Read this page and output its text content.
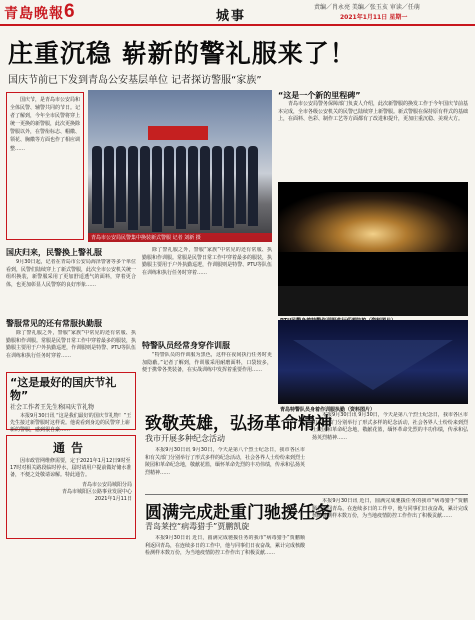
青島晚報 6	城事
责编／肖永亮 美编／张玉亥 审读／任萌
2021年1月11日 星期一
庄重沉稳 崭新的警礼服来了！
国庆节前已下发到青岛公安基层单位 记者探访警服“家族”
国庆节，是青岛市公安局和全体民警、辅警共同的节日。记者了解到，今年全市民警将穿上统一更换的新警服，此次更换除警服以外，在警衔标志、帽徽、领花、胸徽等方面也作了相应调整……
青岛市公安局民警集中换装新式警服 记者 刘新 摄
“这是一个新的里程碑”
青岛市公安局警务保障部门负责人介绍，此次新警服的换发工作于今年国庆节前基本完成，全市各级公安机关的民警已陆续穿上新警服。新式警服在保持原有样式的基础上，在面料、色彩、制作工艺等方面都有了改进和提升，更加庄重沉稳、美观大方。
青岛特警队员身着作训服执勤（资料图片）
国庆归来，民警换上警礼服
9月30日起，记者在青岛市公安局海泽警署等多个单位看到，民警们陆续穿上了新式警服，此次全市公安机关统一组织换装，新警服采用了更加舒适透气的面料，穿着更合体，也更加彰显人民警察的良好形象……
警服常见的还有常服执勤服
除了警礼服之外，警服“家族”中常见的还有常服、执勤服和作训服。常服是民警日常工作中穿着最多的服装，执勤服主要用于户外执勤巡逻，作训服则是特警、PTU等队伍在训练和执行任务时穿着……
除了警礼服之外，警服“家族”中常见的还有常服、执勤服和作训服。常服是民警日常工作中穿着最多的服装，执勤服主要用于户外执勤巡逻，作训服则是特警、PTU等队伍在训练和执行任务时穿着……
特警队员经常身穿作训服
“特警队员的作训服为黑色，这样在夜间执行任务时更加隐蔽。”记者了解到，作训服采用耐磨面料，口袋较多，便于携带各类装备，在实战训练中发挥着重要作用……
“这是最好的国庆节礼物”
社会工作者王先生称国庆节礼物
本报9月30日讯 “这是我们最好的国庆节礼物！”王先生接过新警服时这样说。他说看到身边的民警穿上崭新的警服，感到很自豪……
通告
因市政管网维修需要，定于2021年1月12日9时至17时对相关路段临时停水，届时请用户提前做好储水准备，不便之处敬请谅解。特此通告。
青岛市公安局城阳分局
青岛市城阳区公路事业发展中心
2021年1月11日
致敬英雄，弘扬革命精神
我市开展多种纪念活动
本报9月30日讯 9月30日，今天是第八个烈士纪念日，我市各区市和有关部门分别举行了形式多样的纪念活动，社会各界人士纷纷来到烈士陵园和革命纪念地，敬献花篮，缅怀革命先烈的丰功伟绩，传承和弘扬英烈精神……
本报9月30日讯 9月30日，今天是第八个烈士纪念日，我市各区市和有关部门分别举行了形式多样的纪念活动，社会各界人士纷纷来到烈士陵园和革命纪念地，敬献花篮，缅怀革命先烈的丰功伟绩，传承和弘扬英烈精神……
圆满完成赴重门驰援任务
青岛莱控“病毒猎手”贾鹏凯旋
本报9月30日讯 近日，圆满完成驰援任务的我市“病毒猎手”贾鹏顺利返回青岛，在连续多日的工作中，他与同事们日夜奋战，累计完成核酸检测样本数万份，为当地疫情防控工作作出了积极贡献……
本报9月30日讯 近日，圆满完成驰援任务的我市“病毒猎手”贾鹏顺利返回青岛，在连续多日的工作中，他与同事们日夜奋战，累计完成核酸检测样本数万份，为当地疫情防控工作作出了积极贡献……
